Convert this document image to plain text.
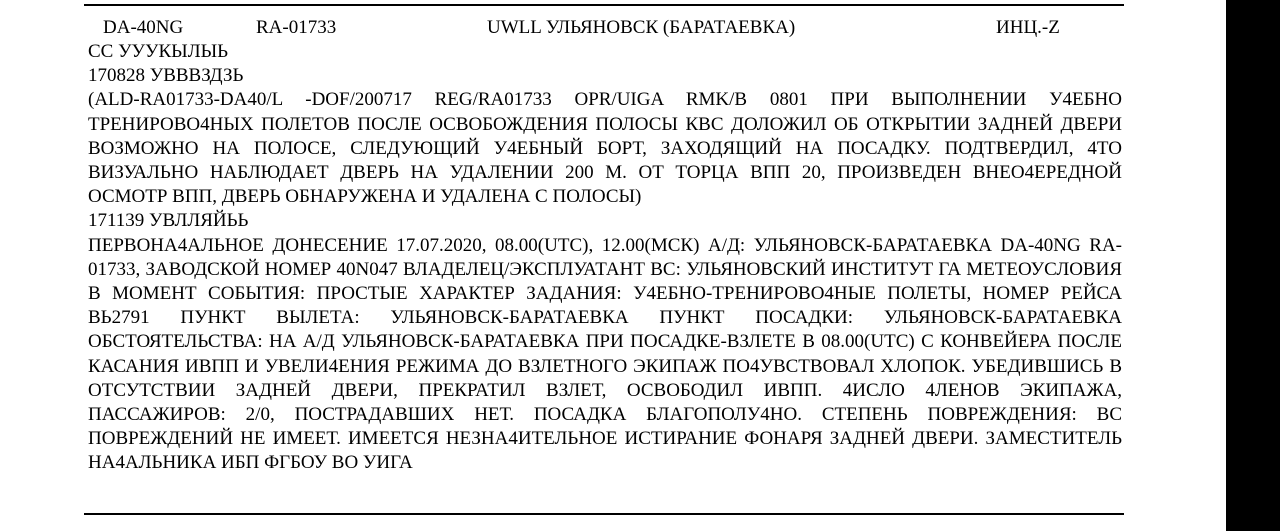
DA-40NG	RA-01733	UWLL УЛЬЯНОВСК (БАРАТАЕВКА)	ИНЦ.-Z
СС УУУКЫЛЫЬ
170828 УВВВЗДЗЬ
(ALD-RA01733-DA40/L -DOF/200717 REG/RA01733 OPR/UIGA RMK/B 0801 ПРИ ВЫПОЛНЕНИИ У4ЕБНО ТРЕНИРОВО4НЫХ ПОЛЕТОВ ПОСЛЕ ОСВОБОЖДЕНИЯ ПОЛОСЫ КВС ДОЛОЖИЛ ОБ ОТКРЫТИИ ЗАДНЕЙ ДВЕРИ ВОЗМОЖНО НА ПОЛОСЕ, СЛЕДУЮЩИЙ У4ЕБНЫЙ БОРТ, ЗАХОДЯЩИЙ НА ПОСАДКУ. ПОДТВЕРДИЛ, 4ТО ВИЗУАЛЬНО НАБЛЮДАЕТ ДВЕРЬ НА УДАЛЕНИИ 200 М. ОТ ТОРЦА ВПП 20, ПРОИЗВЕДЕН ВНЕО4ЕРЕДНОЙ ОСМОТР ВПП, ДВЕРЬ ОБНАРУЖЕНА И УДАЛЕНА С ПОЛОСЫ)
171139 УВЛЛЯЙЬЬ
ПЕРВОНА4АЛЬНОЕ ДОНЕСЕНИЕ 17.07.2020, 08.00(UTC), 12.00(МСК) А/Д: УЛЬЯНОВСК-БАРАТАЕВКА DA-40NG RA-01733, ЗАВОДСКОЙ НОМЕР 40N047 ВЛАДЕЛЕЦ/ЭКСПЛУАТАНТ ВС: УЛЬЯНОВСКИЙ ИНСТИТУТ ГА МЕТЕОУСЛОВИЯ В МОМЕНТ СОБЫТИЯ: ПРОСТЫЕ ХАРАКТЕР ЗАДАНИЯ: У4ЕБНО-ТРЕНИРОВО4НЫЕ ПОЛЕТЫ, НОМЕР РЕЙСА ВЬ2791 ПУНКТ ВЫЛЕТА: УЛЬЯНОВСК-БАРАТАЕВКА ПУНКТ ПОСАДКИ: УЛЬЯНОВСК-БАРАТАЕВКА ОБСТОЯТЕЛЬСТВА: НА А/Д УЛЬЯНОВСК-БАРАТАЕВКА ПРИ ПОСАДКЕ-ВЗЛЕТЕ В 08.00(UTC) С КОНВЕЙЕРА ПОСЛЕ КАСАНИЯ ИВПП И УВЕЛИ4ЕНИЯ РЕЖИМА ДО ВЗЛЕТНОГО ЭКИПАЖ ПО4УВСТВОВАЛ ХЛОПОК. УБЕДИВШИСЬ В ОТСУТСТВИИ ЗАДНЕЙ ДВЕРИ, ПРЕКРАТИЛ ВЗЛЕТ, ОСВОБОДИЛ ИВПП. 4ИСЛО 4ЛЕНОВ ЭКИПАЖА, ПАССАЖИРОВ: 2/0, ПОСТРАДАВШИХ НЕТ. ПОСАДКА БЛАГОПОЛУ4НО. СТЕПЕНЬ ПОВРЕЖДЕНИЯ: ВС ПОВРЕЖДЕНИЙ НЕ ИМЕЕТ. ИМЕЕТСЯ НЕЗНА4ИТЕЛЬНОЕ ИСТИРАНИЕ ФОНАРЯ ЗАДНЕЙ ДВЕРИ. ЗАМЕСТИТЕЛЬ НА4АЛЬНИКА ИБП ФГБОУ ВО УИГА
